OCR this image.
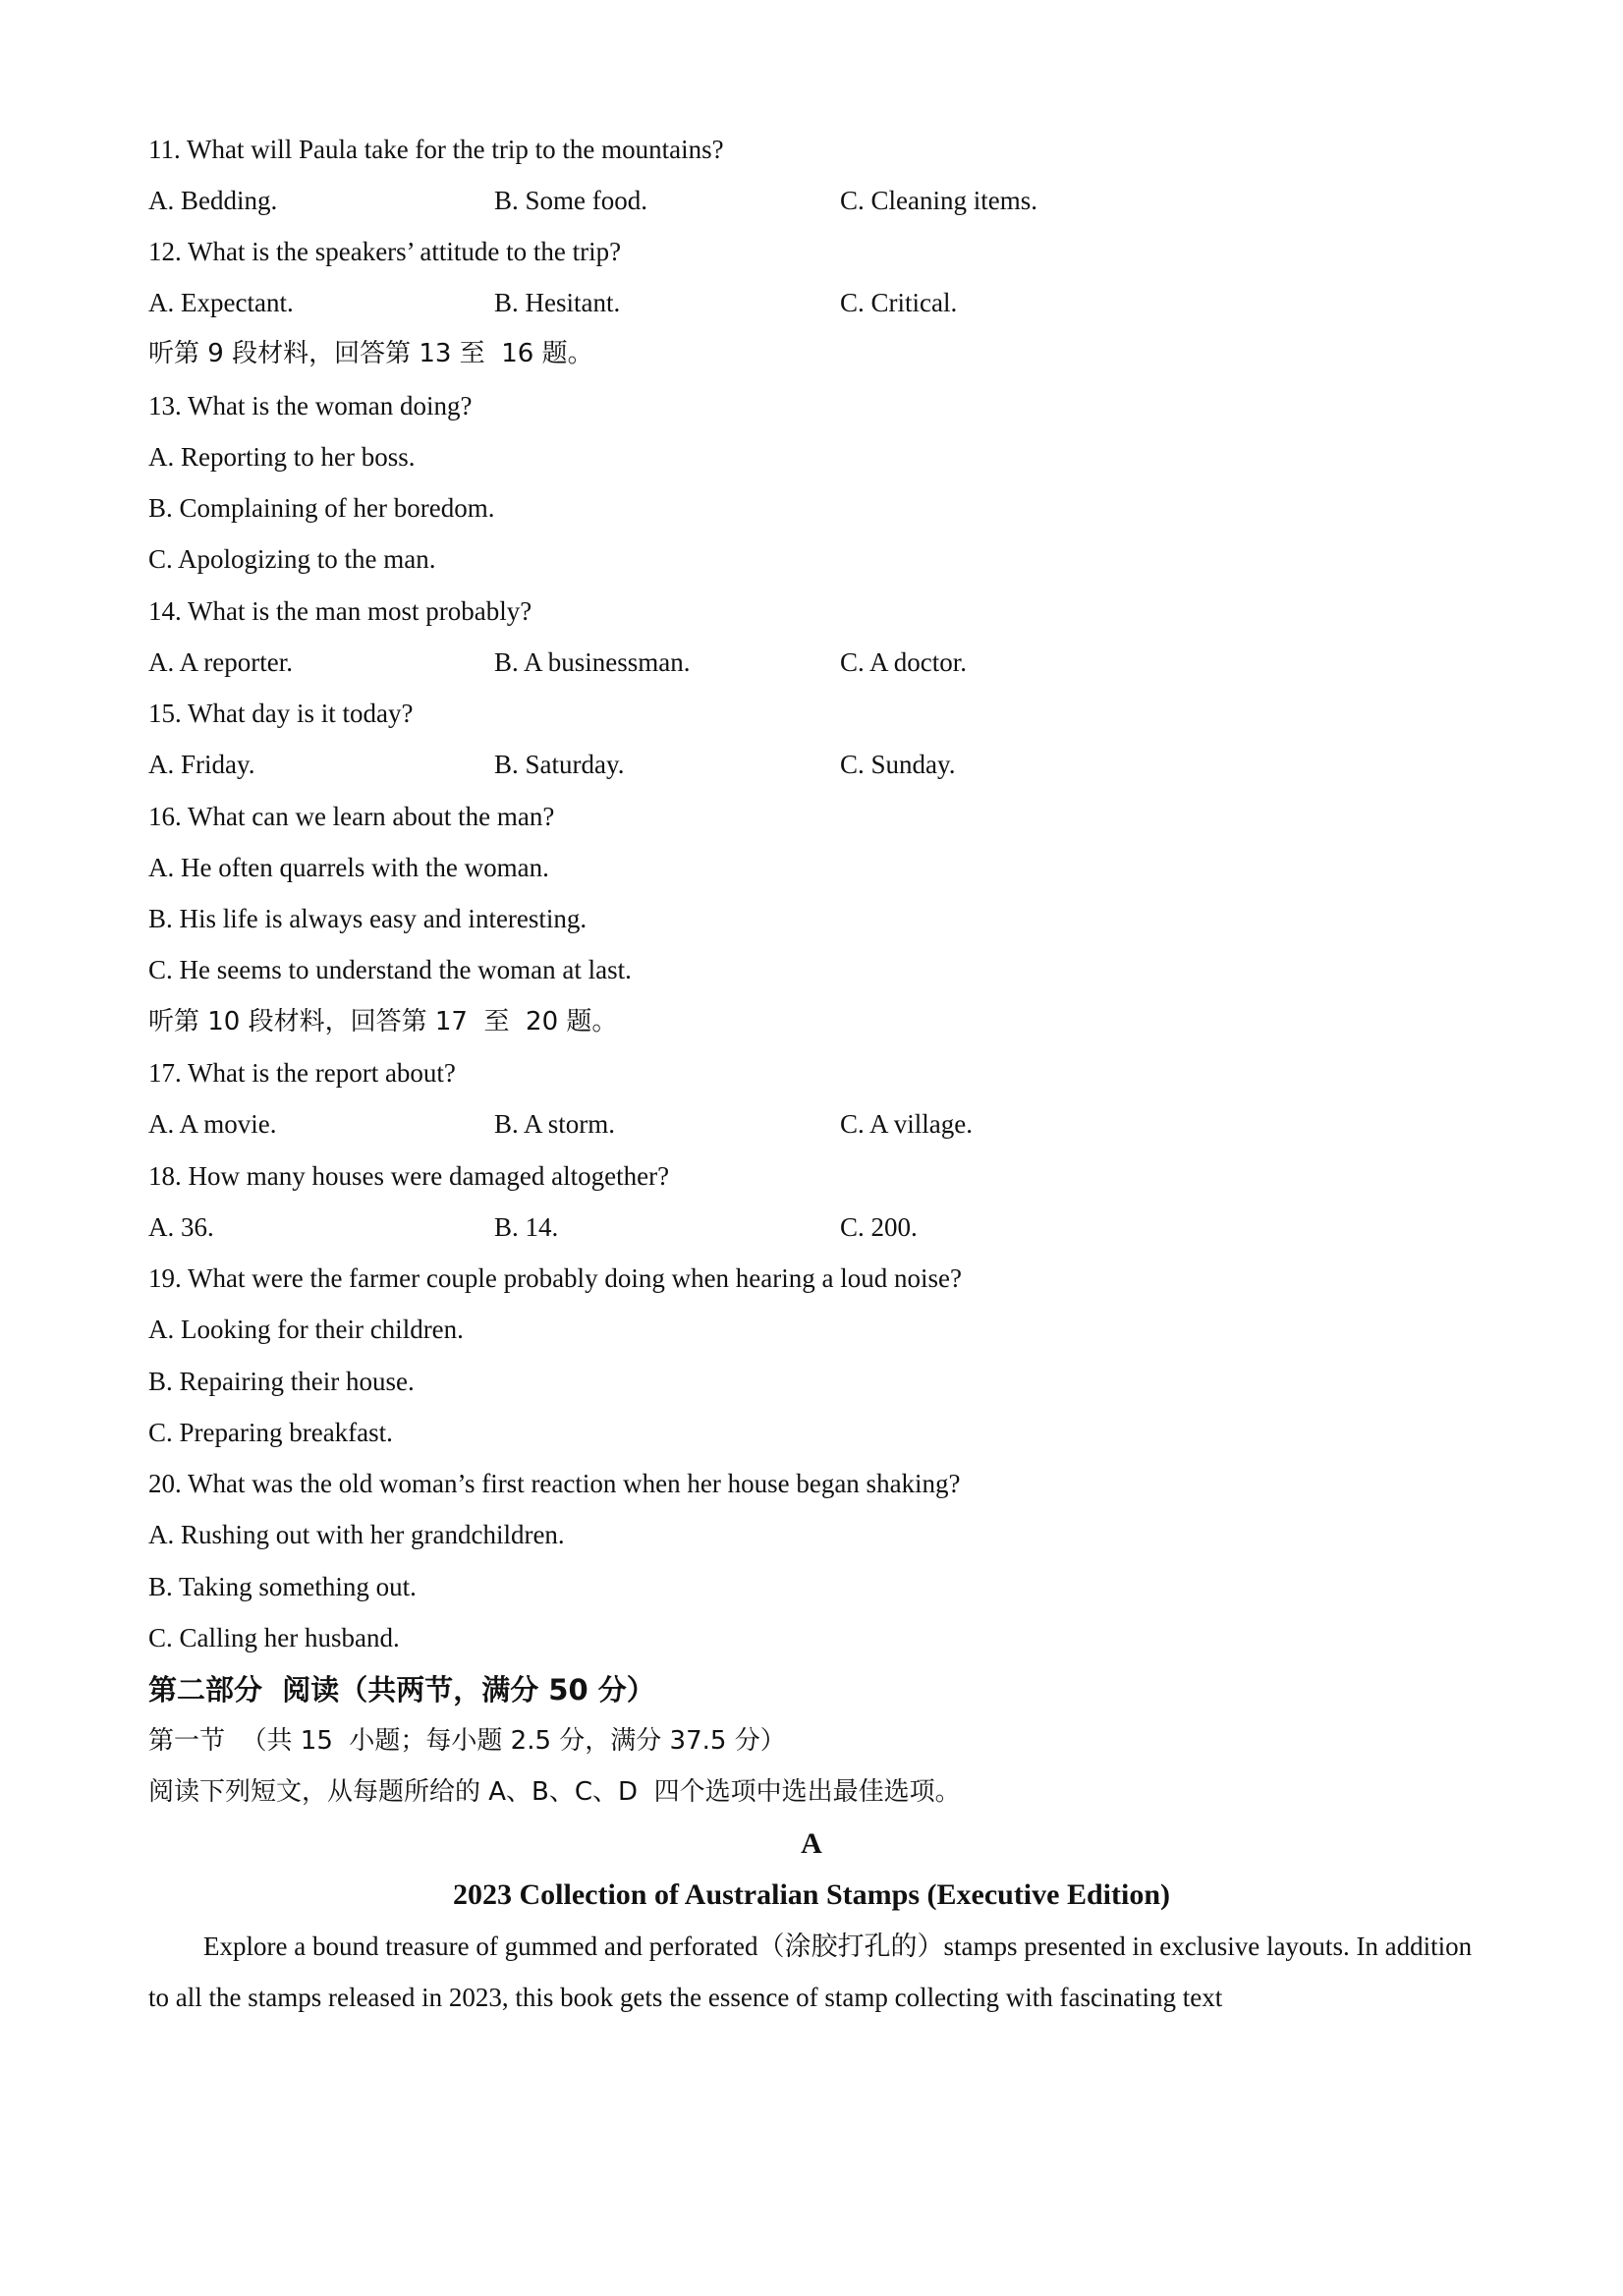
11. What will Paula take for the trip to the mountains?
A. Bedding.	B. Some food.	C. Cleaning items.
12. What is the speakers’ attitude to the trip?
A. Expectant.	B. Hesitant.	C. Critical.
听第 9 段材料，回答第 13 至  16 题。
13. What is the woman doing?
A. Reporting to her boss.
B. Complaining of her boredom.
C. Apologizing to the man.
14. What is the man most probably?
A. A reporter.	B. A businessman.	C. A doctor.
15. What day is it today?
A. Friday.	B. Saturday.	C. Sunday.
16. What can we learn about the man?
A. He often quarrels with the woman.
B. His life is always easy and interesting.
C. He seems to understand the woman at last.
听第 10 段材料，回答第 17  至  20 题。
17. What is the report about?
A. A movie.	B. A storm.	C. A village.
18. How many houses were damaged altogether?
A. 36.	B. 14.	C. 200.
19. What were the farmer couple probably doing when hearing a loud noise?
A. Looking for their children.
B. Repairing their house.
C. Preparing breakfast.
20. What was the old woman’s first reaction when her house began shaking?
A. Rushing out with her grandchildren.
B. Taking something out.
C. Calling her husband.
第二部分  阅读（共两节，满分 50 分）
第一节  （共 15  小题；每小题 2.5 分，满分 37.5 分）
阅读下列短文，从每题所给的 A、B、C、D  四个选项中选出最佳选项。
A
2023 Collection of Australian Stamps (Executive Edition)
Explore a bound treasure of gummed and perforated（涂胶打孔的）stamps presented in exclusive layouts. In addition to all the stamps released in 2023, this book gets the essence of stamp collecting with fascinating text
